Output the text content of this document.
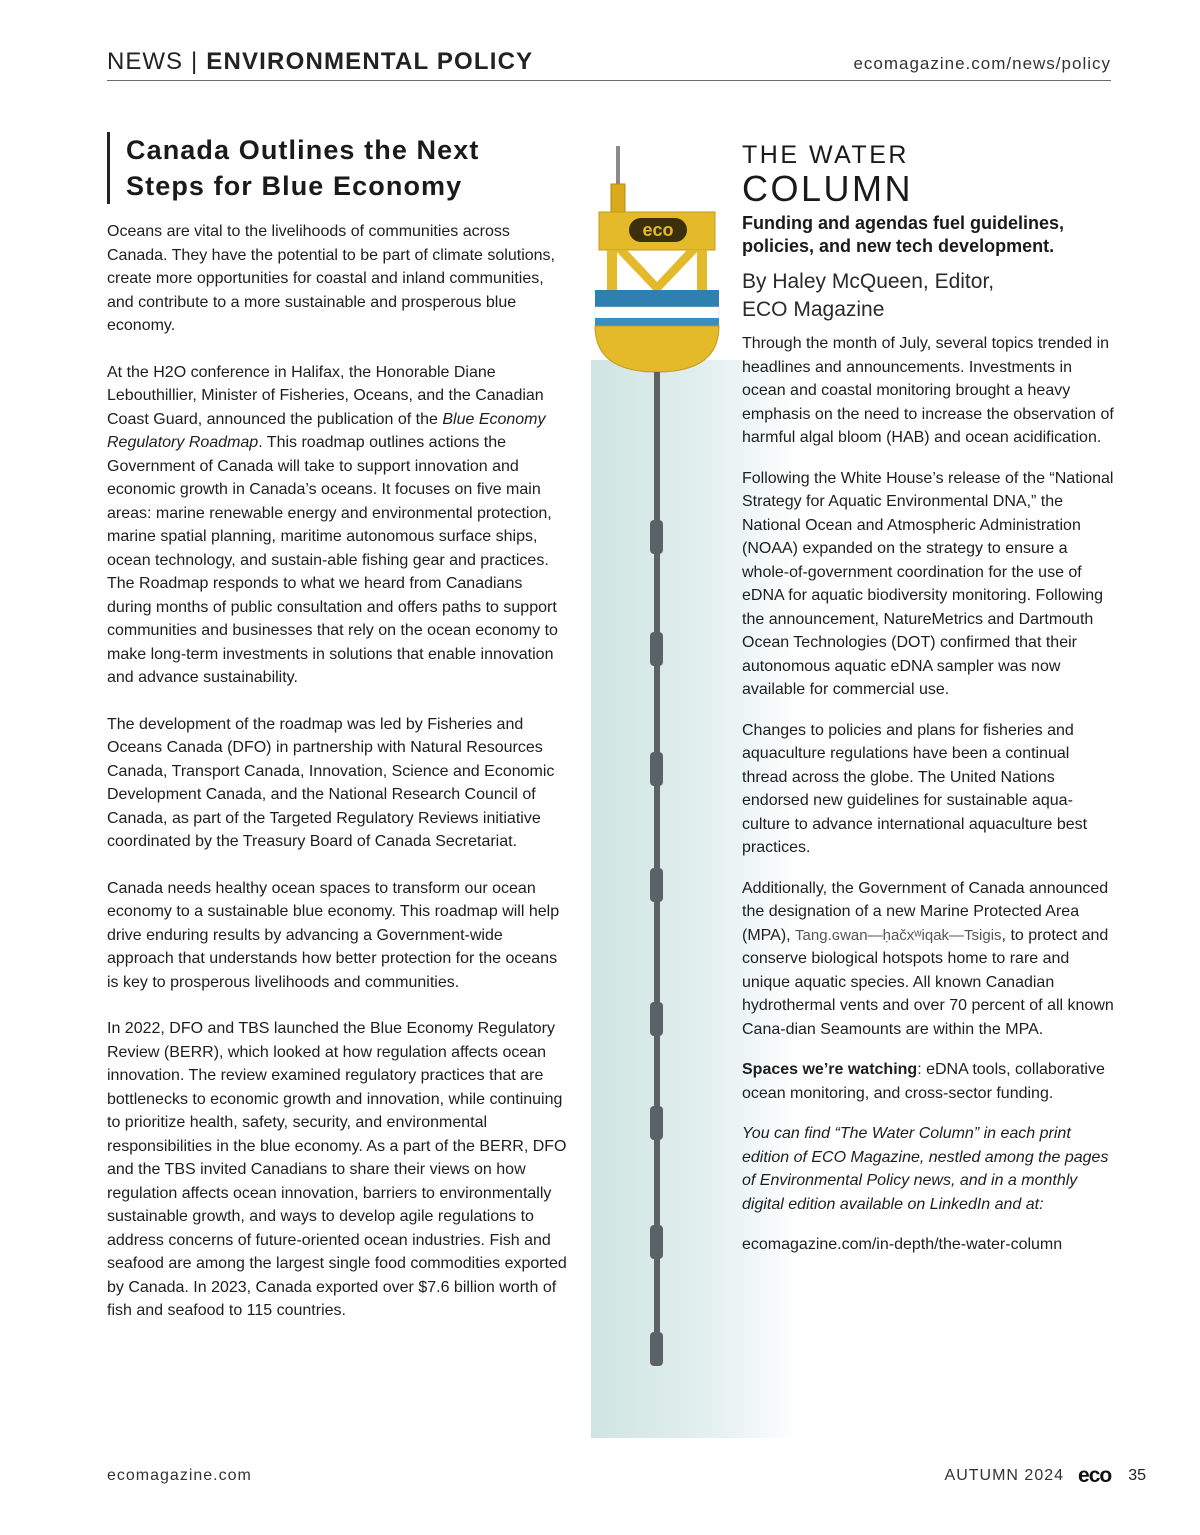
NEWS | ENVIRONMENTAL POLICY	ecomagazine.com/news/policy
Canada Outlines the Next Steps for Blue Economy

Oceans are vital to the livelihoods of communities across Canada. They have the potential to be part of climate solutions, create more opportunities for coastal and inland communities, and contribute to a more sustainable and prosperous blue economy.

At the H2O conference in Halifax, the Honorable Diane Lebouthillier, Minister of Fisheries, Oceans, and the Canadian Coast Guard, announced the publication of the Blue Economy Regulatory Roadmap. This roadmap outlines actions the Government of Canada will take to support innovation and economic growth in Canada’s oceans. It focuses on five main areas: marine renewable energy and environmental protection, marine spatial planning, maritime autonomous surface ships, ocean technology, and sustain-able fishing gear and practices. The Roadmap responds to what we heard from Canadians during months of public consultation and offers paths to support communities and businesses that rely on the ocean economy to make long-term investments in solutions that enable innovation and advance sustainability.

The development of the roadmap was led by Fisheries and Oceans Canada (DFO) in partnership with Natural Resources Canada, Transport Canada, Innovation, Science and Economic Development Canada, and the National Research Council of Canada, as part of the Targeted Regulatory Reviews initiative coordinated by the Treasury Board of Canada Secretariat.

Canada needs healthy ocean spaces to transform our ocean economy to a sustainable blue economy. This roadmap will help drive enduring results by advancing a Government-wide approach that understands how better protection for the oceans is key to prosperous livelihoods and communities.

In 2022, DFO and TBS launched the Blue Economy Regulatory Review (BERR), which looked at how regulation affects ocean innovation. The review examined regulatory practices that are bottlenecks to economic growth and innovation, while continuing to prioritize health, safety, security, and environmental responsibilities in the blue economy. As a part of the BERR, DFO and the TBS invited Canadians to share their views on how regulation affects ocean innovation, barriers to environmentally sustainable growth, and ways to develop agile regulations to address concerns of future-oriented ocean industries. Fish and seafood are among the largest single food commodities exported by Canada. In 2023, Canada exported over $7.6 billion worth of fish and seafood to 115 countries.

eco
THE WATER
COLUMN
Funding and agendas fuel guidelines, policies, and new tech development.
By Haley McQueen, Editor,
ECO Magazine

Through the month of July, several topics trended in headlines and announcements. Investments in ocean and coastal monitoring brought a heavy emphasis on the need to increase the observation of harmful algal bloom (HAB) and ocean acidification.

Following the White House’s release of the “National Strategy for Aquatic Environmental DNA,” the National Ocean and Atmospheric Administration (NOAA) expanded on the strategy to ensure a whole-of-government coordination for the use of eDNA for aquatic biodiversity monitoring. Following the announcement, NatureMetrics and Dartmouth Ocean Technologies (DOT) confirmed that their autonomous aquatic eDNA sampler was now available for commercial use.

Changes to policies and plans for fisheries and aquaculture regulations have been a continual thread across the globe. The United Nations endorsed new guidelines for sustainable aqua-culture to advance international aquaculture best practices.

Additionally, the Government of Canada announced the designation of a new Marine Protected Area (MPA), Tang.ɢwan—ḥačxʷiqak—Tsigis, to protect and conserve biological hotspots home to rare and unique aquatic species. All known Canadian hydrothermal vents and over 70 percent of all known Cana-dian Seamounts are within the MPA.

Spaces we’re watching: eDNA tools, collaborative ocean monitoring, and cross-sector funding.

You can find “The Water Column” in each print edition of ECO Magazine, nestled among the pages of Environmental Policy news, and in a monthly digital edition available on LinkedIn and at:

ecomagazine.com/in-depth/the-water-column

ecomagazine.com	AUTUMN 2024 eco 35
